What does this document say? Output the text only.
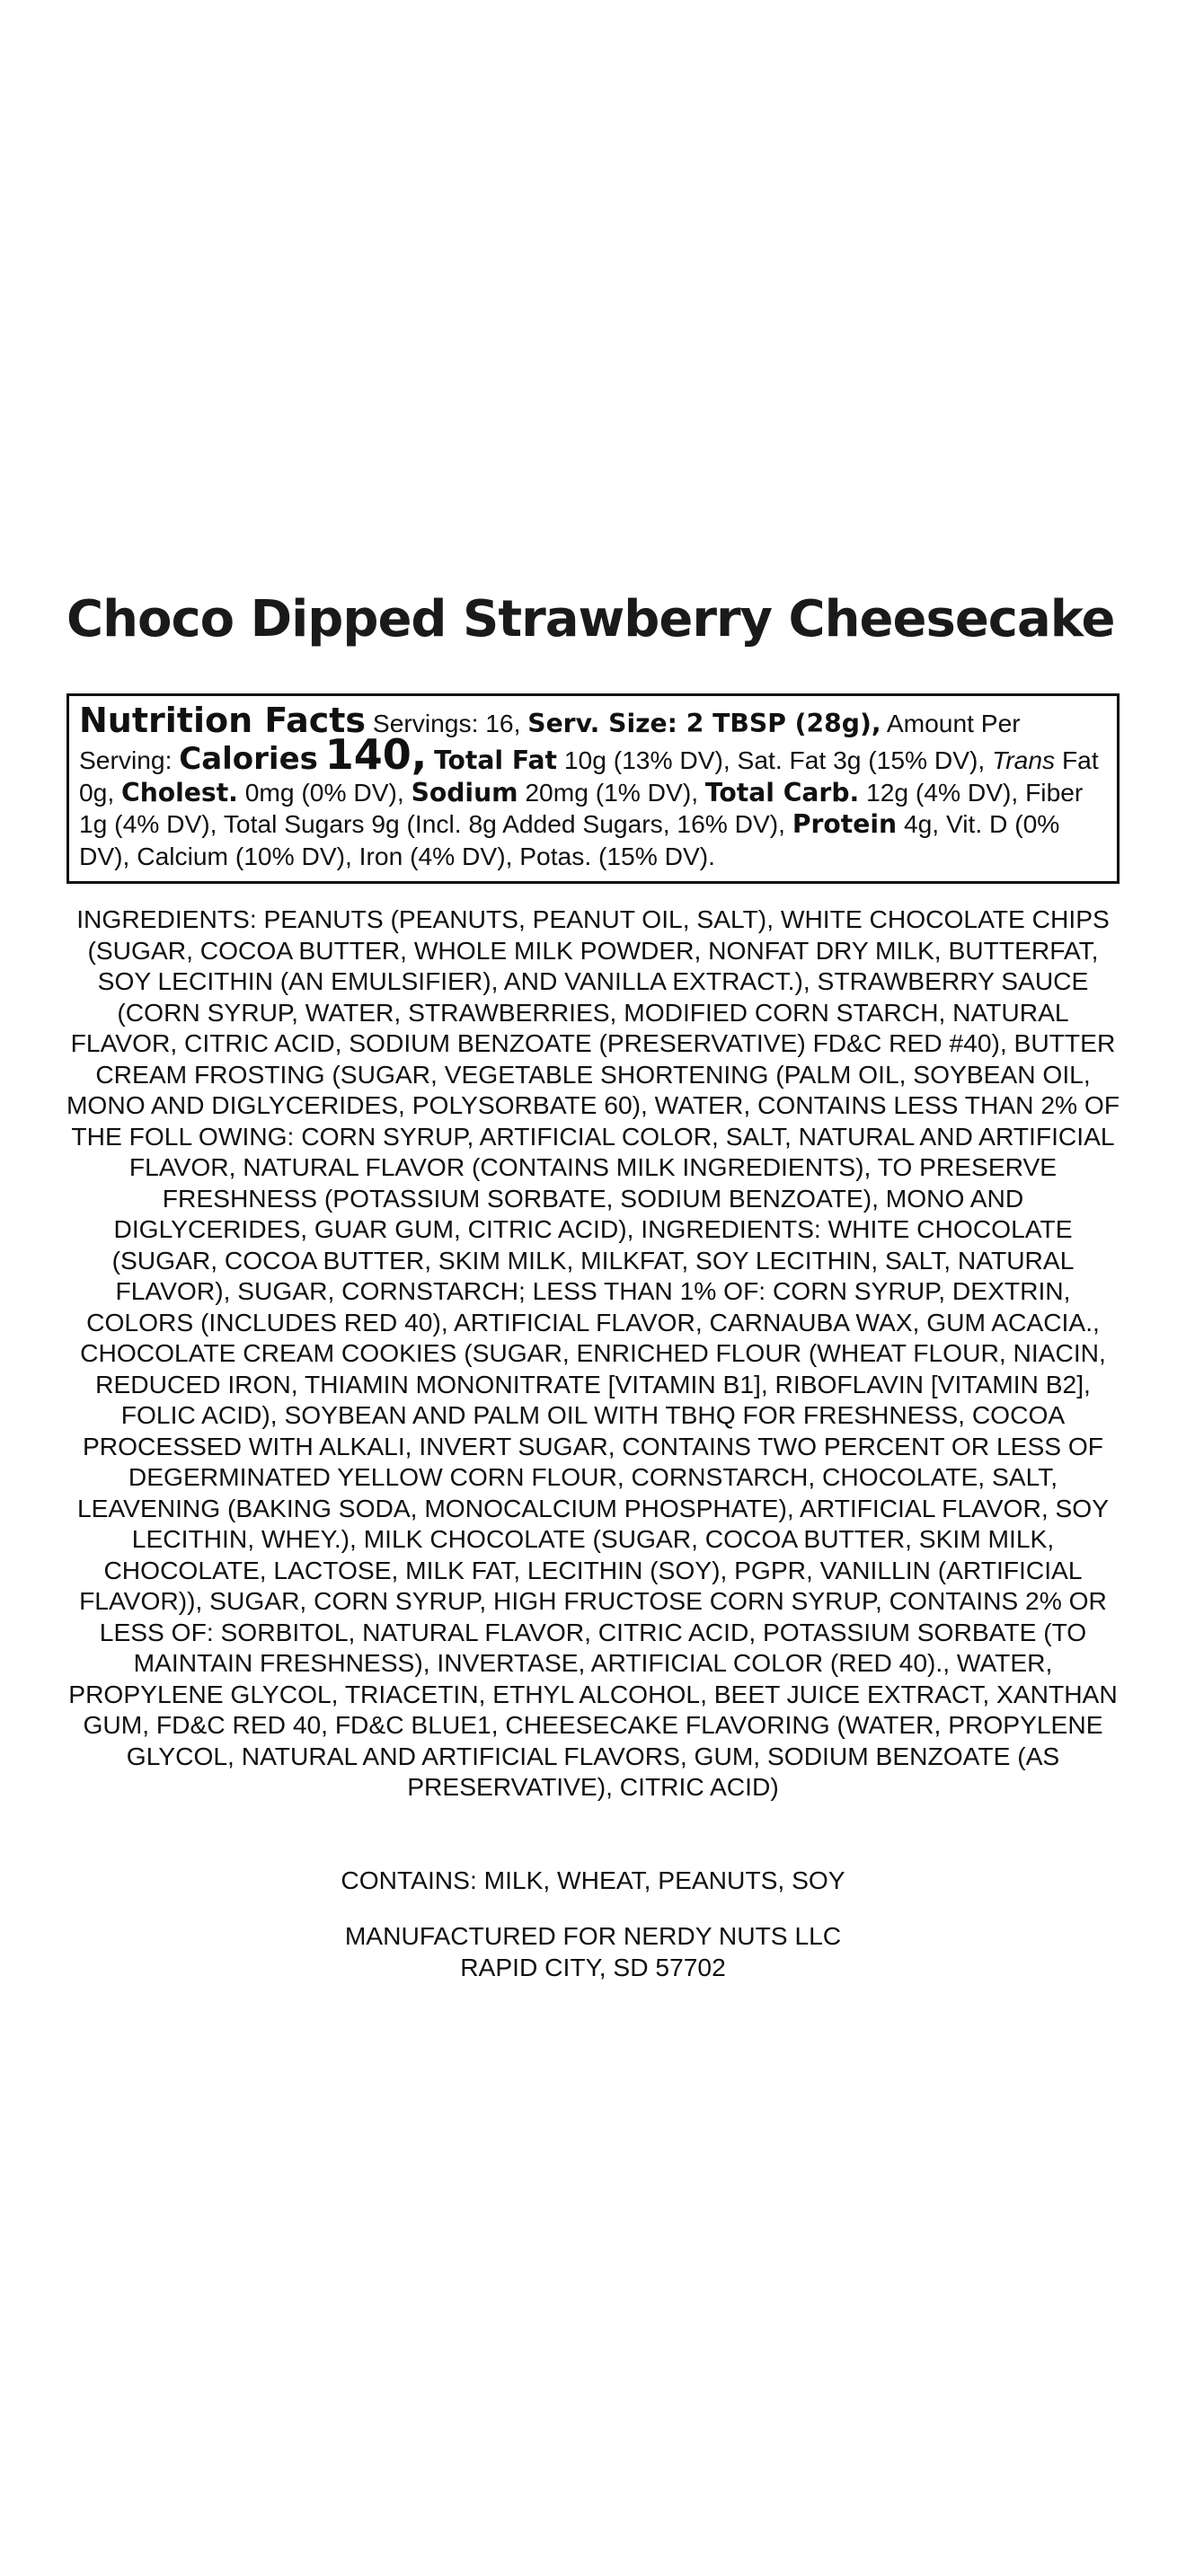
Choco Dipped Strawberry Cheesecake
Nutrition Facts Servings: 16, Serv. Size: 2 TBSP (28g), Amount Per Serving: Calories 140, Total Fat 10g (13% DV), Sat. Fat 3g (15% DV), Trans Fat 0g, Cholest. 0mg (0% DV), Sodium 20mg (1% DV), Total Carb. 12g (4% DV), Fiber 1g (4% DV), Total Sugars 9g (Incl. 8g Added Sugars, 16% DV), Protein 4g, Vit. D (0% DV), Calcium (10% DV), Iron (4% DV), Potas. (15% DV).

INGREDIENTS: PEANUTS (PEANUTS, PEANUT OIL, SALT), WHITE CHOCOLATE CHIPS (SUGAR, COCOA BUTTER, WHOLE MILK POWDER, NONFAT DRY MILK, BUTTERFAT, SOY LECITHIN (AN EMULSIFIER), AND VANILLA EXTRACT.), STRAWBERRY SAUCE (CORN SYRUP, WATER, STRAWBERRIES, MODIFIED CORN STARCH, NATURAL FLAVOR, CITRIC ACID, SODIUM BENZOATE (PRESERVATIVE) FD&C RED #40), BUTTER CREAM FROSTING (SUGAR, VEGETABLE SHORTENING (PALM OIL, SOYBEAN OIL, MONO AND DIGLYCERIDES, POLYSORBATE 60), WATER, CONTAINS LESS THAN 2% OF THE FOLL OWING: CORN SYRUP, ARTIFICIAL COLOR, SALT, NATURAL AND ARTIFICIAL FLAVOR, NATURAL FLAVOR (CONTAINS MILK INGREDIENTS), TO PRESERVE FRESHNESS (POTASSIUM SORBATE, SODIUM BENZOATE), MONO AND DIGLYCERIDES, GUAR GUM, CITRIC ACID), INGREDIENTS: WHITE CHOCOLATE (SUGAR, COCOA BUTTER, SKIM MILK, MILKFAT, SOY LECITHIN, SALT, NATURAL FLAVOR), SUGAR, CORNSTARCH; LESS THAN 1% OF: CORN SYRUP, DEXTRIN, COLORS (INCLUDES RED 40), ARTIFICIAL FLAVOR, CARNAUBA WAX, GUM ACACIA., CHOCOLATE CREAM COOKIES (SUGAR, ENRICHED FLOUR (WHEAT FLOUR, NIACIN, REDUCED IRON, THIAMIN MONONITRATE [VITAMIN B1], RIBOFLAVIN [VITAMIN B2], FOLIC ACID), SOYBEAN AND PALM OIL WITH TBHQ FOR FRESHNESS, COCOA PROCESSED WITH ALKALI, INVERT SUGAR, CONTAINS TWO PERCENT OR LESS OF DEGERMINATED YELLOW CORN FLOUR, CORNSTARCH, CHOCOLATE, SALT, LEAVENING (BAKING SODA, MONOCALCIUM PHOSPHATE), ARTIFICIAL FLAVOR, SOY LECITHIN, WHEY.), MILK CHOCOLATE (SUGAR, COCOA BUTTER, SKIM MILK, CHOCOLATE, LACTOSE, MILK FAT, LECITHIN (SOY), PGPR, VANILLIN (ARTIFICIAL FLAVOR)), SUGAR, CORN SYRUP, HIGH FRUCTOSE CORN SYRUP, CONTAINS 2% OR LESS OF: SORBITOL, NATURAL FLAVOR, CITRIC ACID, POTASSIUM SORBATE (TO MAINTAIN FRESHNESS), INVERTASE, ARTIFICIAL COLOR (RED 40)., WATER, PROPYLENE GLYCOL, TRIACETIN, ETHYL ALCOHOL, BEET JUICE EXTRACT, XANTHAN GUM, FD&C RED 40, FD&C BLUE1, CHEESECAKE FLAVORING (WATER, PROPYLENE GLYCOL, NATURAL AND ARTIFICIAL FLAVORS, GUM, SODIUM BENZOATE (AS PRESERVATIVE), CITRIC ACID)

CONTAINS: MILK, WHEAT, PEANUTS, SOY

MANUFACTURED FOR NERDY NUTS LLC
RAPID CITY, SD 57702
